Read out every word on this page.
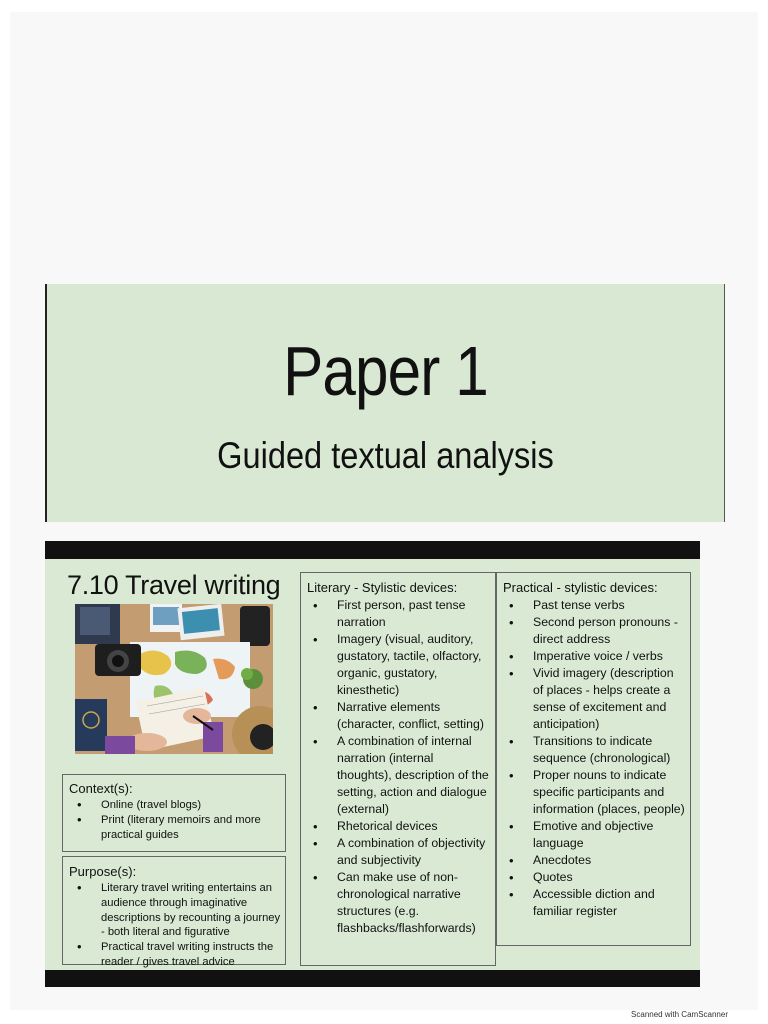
Paper 1
Guided textual analysis
7.10 Travel writing
Context(s):
• Online (travel blogs)
• Print (literary memoirs and more practical guides
Purpose(s):
• Literary travel writing entertains an audience through imaginative descriptions by recounting a journey - both literal and figurative
• Practical travel writing instructs the reader / gives travel advice
Literary - Stylistic devices:
• First person, past tense narration
• Imagery (visual, auditory, gustatory, tactile, olfactory, organic, gustatory, kinesthetic)
• Narrative elements (character, conflict, setting)
• A combination of internal narration (internal thoughts), description of the setting, action and dialogue (external)
• Rhetorical devices
• A combination of objectivity and subjectivity
• Can make use of non-chronological narrative structures (e.g. flashbacks/flashforwards)
Practical - stylistic devices:
• Past tense verbs
• Second person pronouns - direct address
• Imperative voice / verbs
• Vivid imagery (description of places - helps create a sense of excitement and anticipation)
• Transitions to indicate sequence (chronological)
• Proper nouns to indicate specific participants and information (places, people)
• Emotive and objective language
• Anecdotes
• Quotes
• Accessible diction and familiar register
Scanned with CamScanner
